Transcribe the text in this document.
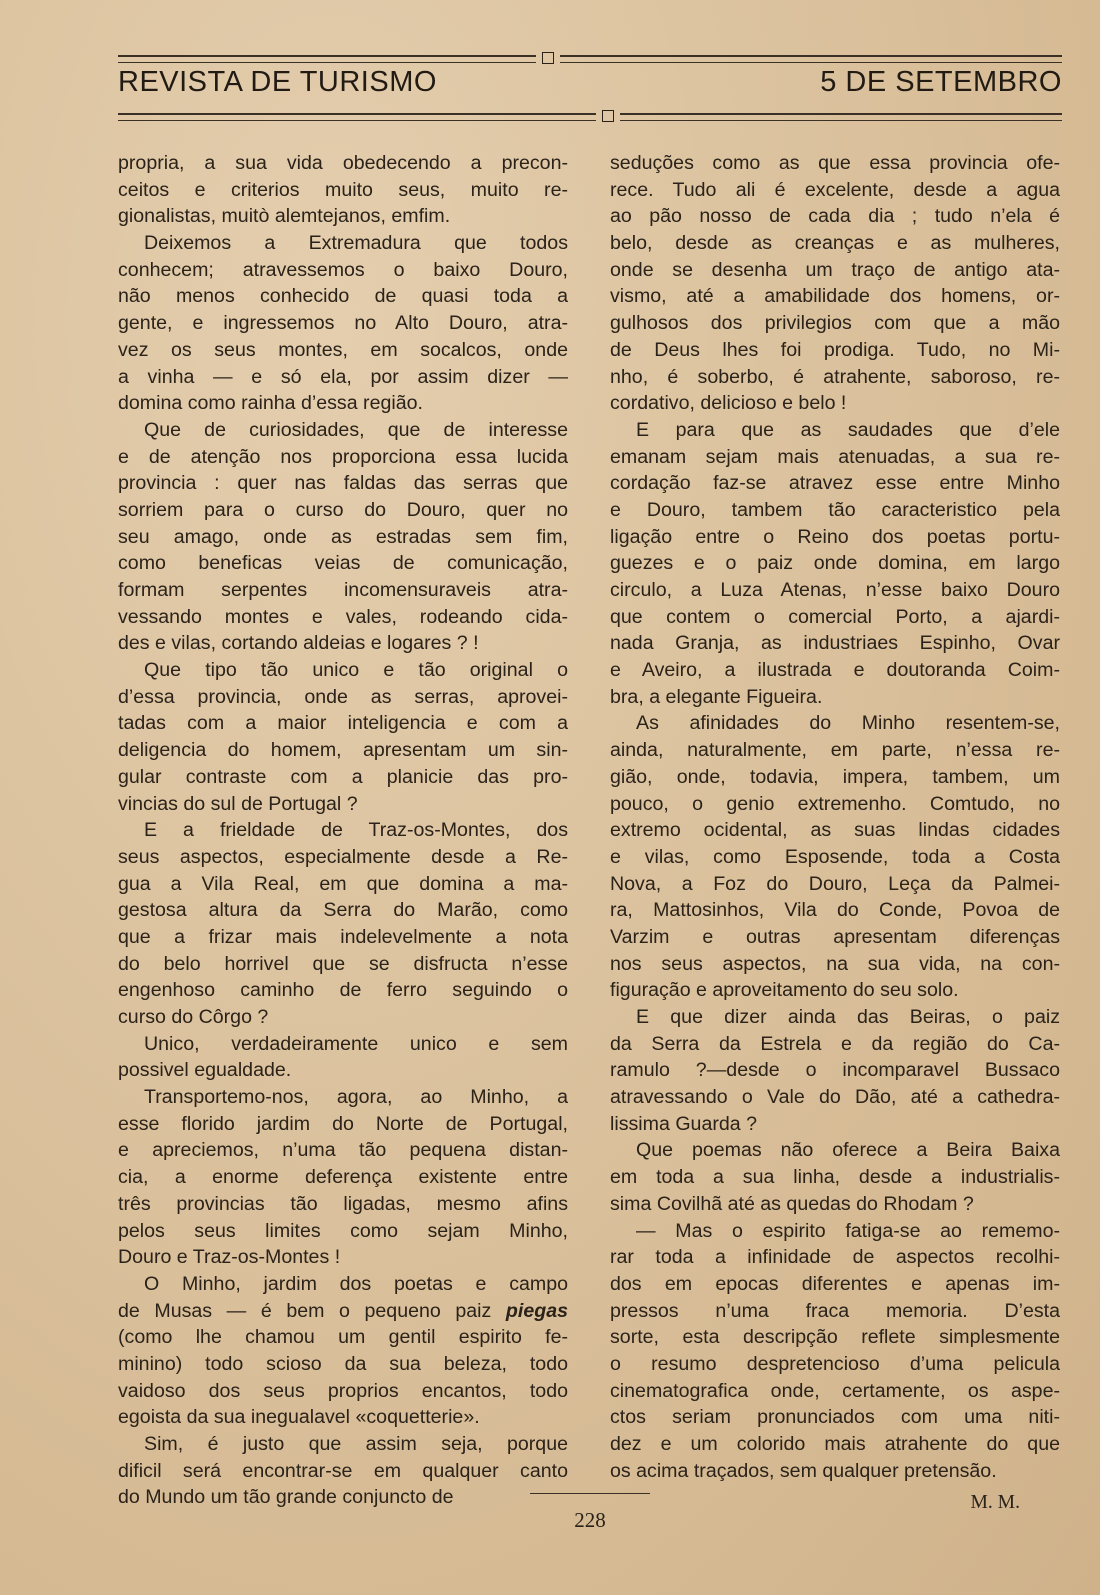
REVISTA DE TURISMO	5 DE SETEMBRO
propria, a sua vida obedecendo a precon-
ceitos e criterios muito seus, muito re-
gionalistas, muitò alemtejanos, emfim.
Deixemos a Extremadura que todos
conhecem; atravessemos o baixo Douro,
não menos conhecido de quasi toda a
gente, e ingressemos no Alto Douro, atra-
vez os seus montes, em socalcos, onde
a vinha — e só ela, por assim dizer —
domina como rainha d’essa região.
Que de curiosidades, que de interesse
e de atenção nos proporciona essa lucida
provincia : quer nas faldas das serras que
sorriem para o curso do Douro, quer no
seu amago, onde as estradas sem fim,
como beneficas veias de comunicação,
formam serpentes incomensuraveis atra-
vessando montes e vales, rodeando cida-
des e vilas, cortando aldeias e logares ? !
Que tipo tão unico e tão original o
d’essa provincia, onde as serras, aprovei-
tadas com a maior inteligencia e com a
deligencia do homem, apresentam um sin-
gular contraste com a planicie das pro-
vincias do sul de Portugal ?
E a frieldade de Traz-os-Montes, dos
seus aspectos, especialmente desde a Re-
gua a Vila Real, em que domina a ma-
gestosa altura da Serra do Marão, como
que a frizar mais indelevelmente a nota
do belo horrivel que se disfructa n’esse
engenhoso caminho de ferro seguindo o
curso do Côrgo ?
Unico, verdadeiramente unico e sem
possivel egualdade.
Transportemo-nos, agora, ao Minho, a
esse florido jardim do Norte de Portugal,
e apreciemos, n’uma tão pequena distan-
cia, a enorme deferença existente entre
três provincias tão ligadas, mesmo afins
pelos seus limites como sejam Minho,
Douro e Traz-os-Montes !
O Minho, jardim dos poetas e campo
de Musas — é bem o pequeno paiz piegas
(como lhe chamou um gentil espirito fe-
minino) todo scioso da sua beleza, todo
vaidoso dos seus proprios encantos, todo
egoista da sua inegualavel «coquetterie».
Sim, é justo que assim seja, porque
dificil será encontrar-se em qualquer canto
do Mundo um tão grande conjuncto de
seduções como as que essa provincia ofe-
rece. Tudo ali é excelente, desde a agua
ao pão nosso de cada dia ; tudo n’ela é
belo, desde as creanças e as mulheres,
onde se desenha um traço de antigo ata-
vismo, até a amabilidade dos homens, or-
gulhosos dos privilegios com que a mão
de Deus lhes foi prodiga. Tudo, no Mi-
nho, é soberbo, é atrahente, saboroso, re-
cordativo, delicioso e belo !
E para que as saudades que d’ele
emanam sejam mais atenuadas, a sua re-
cordação faz-se atravez esse entre Minho
e Douro, tambem tão caracteristico pela
ligação entre o Reino dos poetas portu-
guezes e o paiz onde domina, em largo
circulo, a Luza Atenas, n’esse baixo Douro
que contem o comercial Porto, a ajardi-
nada Granja, as industriaes Espinho, Ovar
e Aveiro, a ilustrada e doutoranda Coim-
bra, a elegante Figueira.
As afinidades do Minho resentem-se,
ainda, naturalmente, em parte, n’essa re-
gião, onde, todavia, impera, tambem, um
pouco, o genio extremenho. Comtudo, no
extremo ocidental, as suas lindas cidades
e vilas, como Esposende, toda a Costa
Nova, a Foz do Douro, Leça da Palmei-
ra, Mattosinhos, Vila do Conde, Povoa de
Varzim e outras apresentam diferenças
nos seus aspectos, na sua vida, na con-
figuração e aproveitamento do seu solo.
E que dizer ainda das Beiras, o paiz
da Serra da Estrela e da região do Ca-
ramulo ?—desde o incomparavel Bussaco
atravessando o Vale do Dão, até a cathedra-
lissima Guarda ?
Que poemas não oferece a Beira Baixa
em toda a sua linha, desde a industrialis-
sima Covilhã até as quedas do Rhodam ?
— Mas o espirito fatiga-se ao rememo-
rar toda a infinidade de aspectos recolhi-
dos em epocas diferentes e apenas im-
pressos n’uma fraca memoria. D’esta
sorte, esta descripção reflete simplesmente
o resumo despretencioso d’uma pelicula
cinematografica onde, certamente, os aspe-
ctos seriam pronunciados com uma niti-
dez e um colorido mais atrahente do que
os acima traçados, sem qualquer pretensão.
M. M.
228
